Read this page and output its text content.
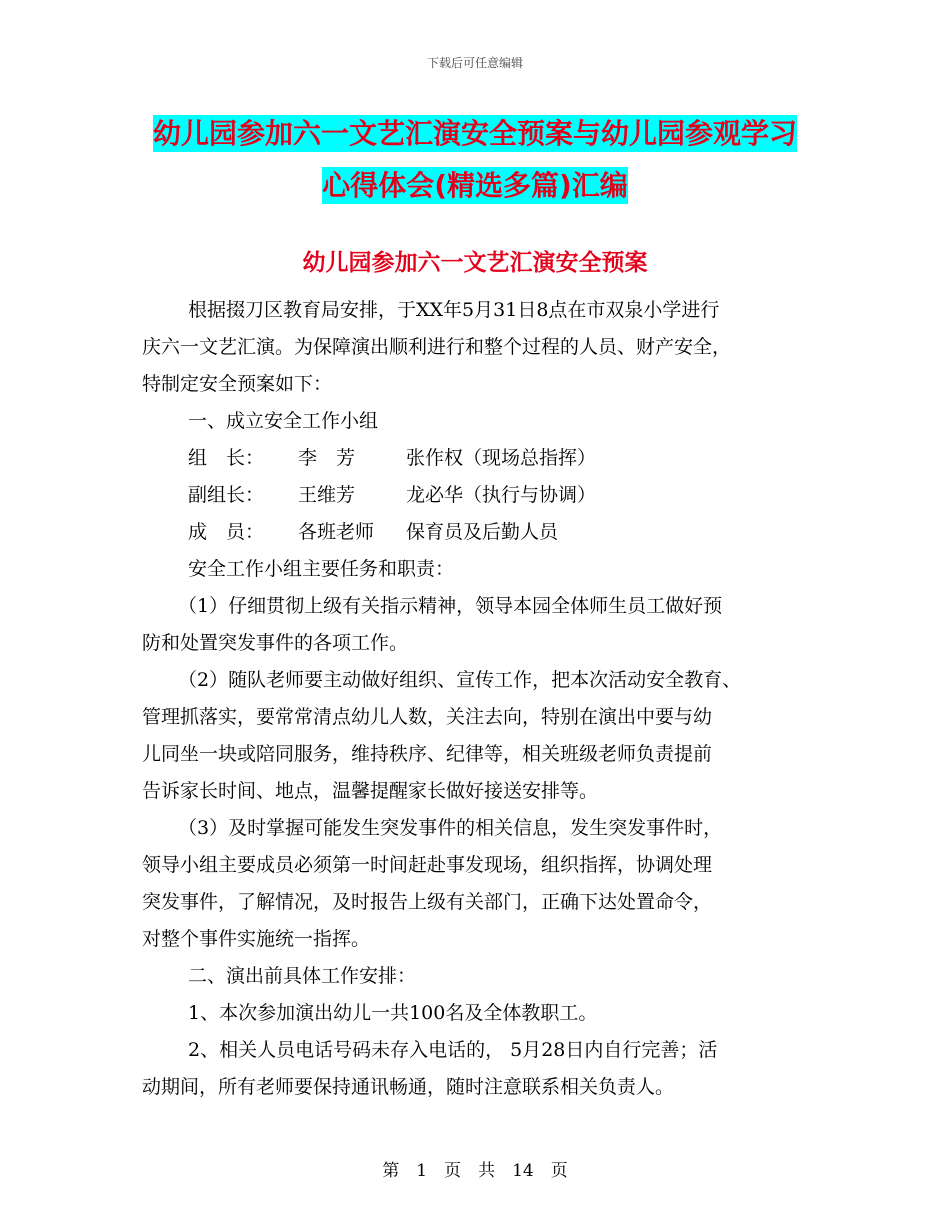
下载后可任意编辑
幼儿园参加六一文艺汇演安全预案与幼儿园参观学习
心得体会(精选多篇)汇编
幼儿园参加六一文艺汇演安全预案

根据掇刀区教育局安排，于XX年5月31日8点在市双泉小学进行

庆六一文艺汇演。为保障演出顺利进行和整个过程的人员、财产安全，

特制定安全预案如下：

一、成立安全工作小组

组　长： 李　芳	张作权（现场总指挥）

副组长： 王维芳	龙必华（执行与协调）

成　员： 各班老师 保育员及后勤人员

安全工作小组主要任务和职责：

（1）仔细贯彻上级有关指示精神，领导本园全体师生员工做好预

防和处置突发事件的各项工作。

（2）随队老师要主动做好组织、宣传工作，把本次活动安全教育、

管理抓落实，要常常清点幼儿人数，关注去向，特别在演出中要与幼

儿同坐一块或陪同服务，维持秩序、纪律等，相关班级老师负责提前

告诉家长时间、地点，温馨提醒家长做好接送安排等。

（3）及时掌握可能发生突发事件的相关信息，发生突发事件时，

领导小组主要成员必须第一时间赶赴事发现场，组织指挥，协调处理

突发事件，了解情况，及时报告上级有关部门，正确下达处置命令，

对整个事件实施统一指挥。

二、演出前具体工作安排：

1、本次参加演出幼儿一共100名及全体教职工。

2、相关人员电话号码未存入电话的， 5月28日内自行完善；活

动期间，所有老师要保持通讯畅通，随时注意联系相关负责人。

第　1　页　共　14　页
